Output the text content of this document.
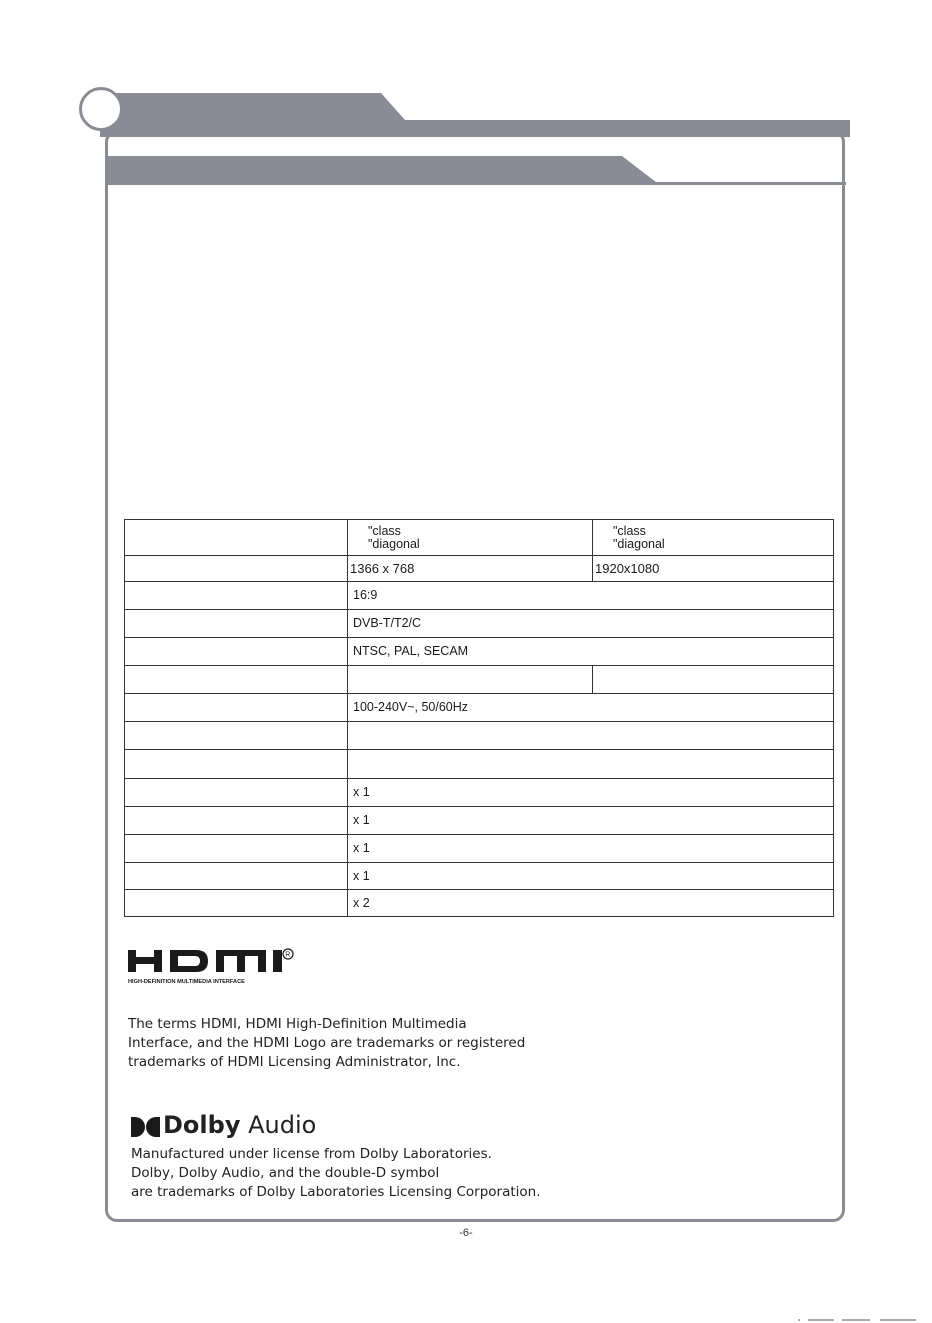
	"class
"diagonal	"class
"diagonal

	1366 x 768	1920x1080
	16:9	
	DVB-T/T2/C	
	NTSC, PAL, SECAM	

	100-240V~, 50/60Hz	

	x 1	
	x 1	
	x 1	
	x 1	
	x 2	
R
HIGH-DEFINITION MULTIMEDIA INTERFACE

The terms HDMI, HDMI High-Definition Multimedia
Interface, and the HDMI Logo are trademarks or registered
trademarks of HDMI Licensing Administrator, Inc.

Dolby Audio

Manufactured under license from Dolby Laboratories.
Dolby, Dolby Audio, and the double-D symbol
are trademarks of Dolby Laboratories Licensing Corporation.

-6-
